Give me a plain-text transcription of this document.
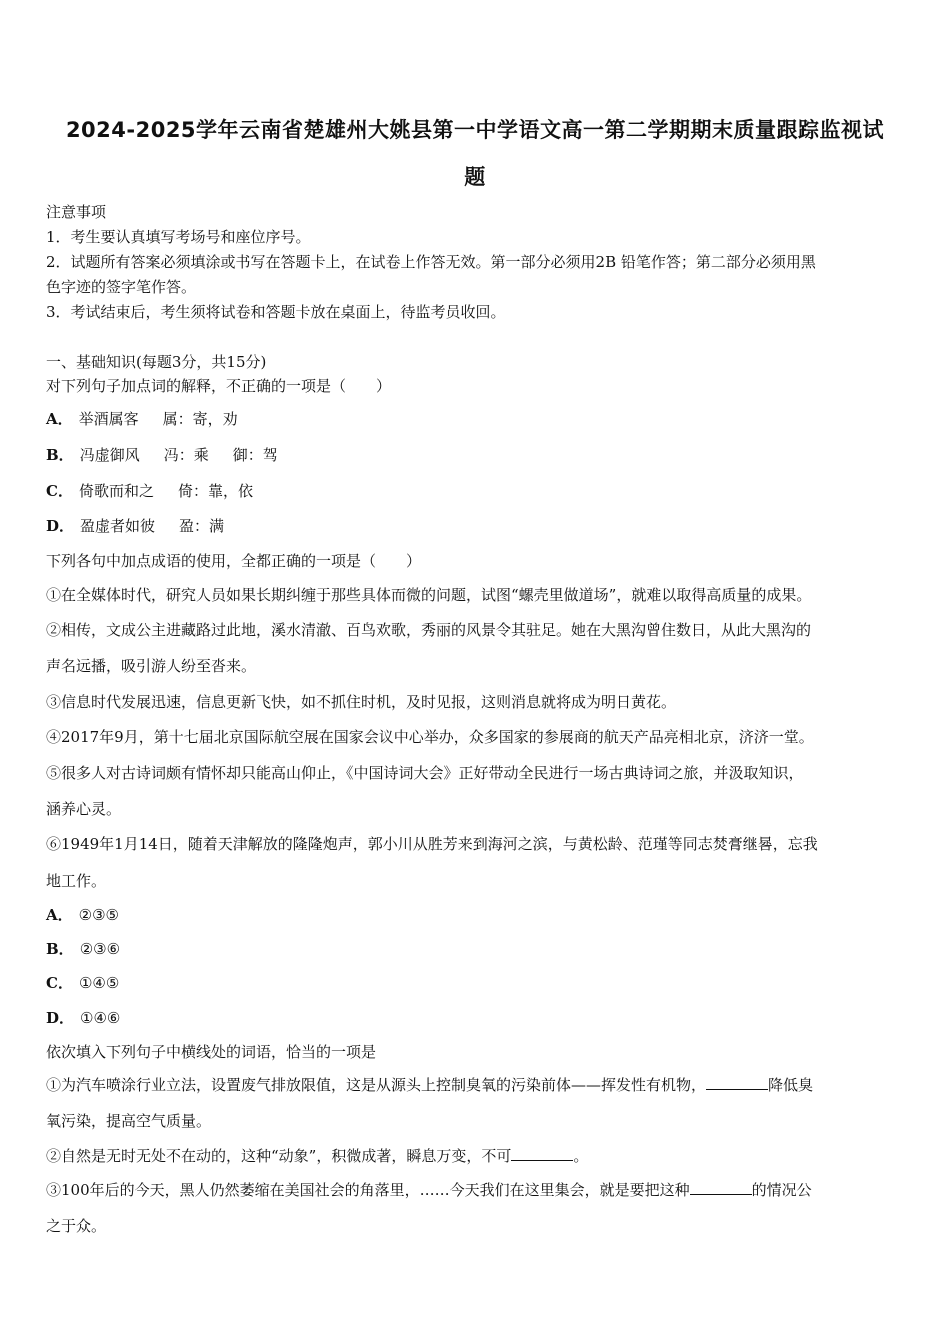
2024-2025学年云南省楚雄州大姚县第一中学语文高一第二学期期末质量跟踪监视试
题
注意事项
1．考生要认真填写考场号和座位序号。
2．试题所有答案必须填涂或书写在答题卡上，在试卷上作答无效。第一部分必须用2B 铅笔作答；第二部分必须用黑
色字迹的签字笔作答。
3．考试结束后，考生须将试卷和答题卡放在桌面上，待监考员收回。
一、基础知识(每题3分，共15分)
对下列句子加点词的解释，不正确的一项是（　　）
A． 举酒属客 属：寄，劝
B． 冯虚御风 冯：乘 御：驾
C． 倚歌而和之 倚：靠，依
D． 盈虚者如彼 盈：满
下列各句中加点成语的使用，全都正确的一项是（　　）
①在全媒体时代，研究人员如果长期纠缠于那些具体而微的问题，试图“螺壳里做道场”，就难以取得高质量的成果。
②相传，文成公主进藏路过此地，溪水清澈、百鸟欢歌，秀丽的风景令其驻足。她在大黑沟曾住数日，从此大黑沟的
声名远播，吸引游人纷至沓来。
③信息时代发展迅速，信息更新飞快，如不抓住时机，及时见报，这则消息就将成为明日黄花。
④2017年9月，第十七届北京国际航空展在国家会议中心举办，众多国家的参展商的航天产品亮相北京，济济一堂。
⑤很多人对古诗词颇有情怀却只能高山仰止，《中国诗词大会》正好带动全民进行一场古典诗词之旅，并汲取知识，
涵养心灵。
⑥1949年1月14日，随着天津解放的隆隆炮声，郭小川从胜芳来到海河之滨，与黄松龄、范瑾等同志焚膏继晷，忘我
地工作。
A． ②③⑤
B． ②③⑥
C． ①④⑤
D． ①④⑥
依次填入下列句子中横线处的词语，恰当的一项是
①为汽车喷涂行业立法，设置废气排放限值，这是从源头上控制臭氧的污染前体——挥发性有机物，	降低臭
氧污染，提高空气质量。
②自然是无时无处不在动的，这种“动象”，积微成著，瞬息万变，不可	。
③100年后的今天，黑人仍然萎缩在美国社会的角落里，……今天我们在这里集会，就是要把这种	的情况公
之于众。
